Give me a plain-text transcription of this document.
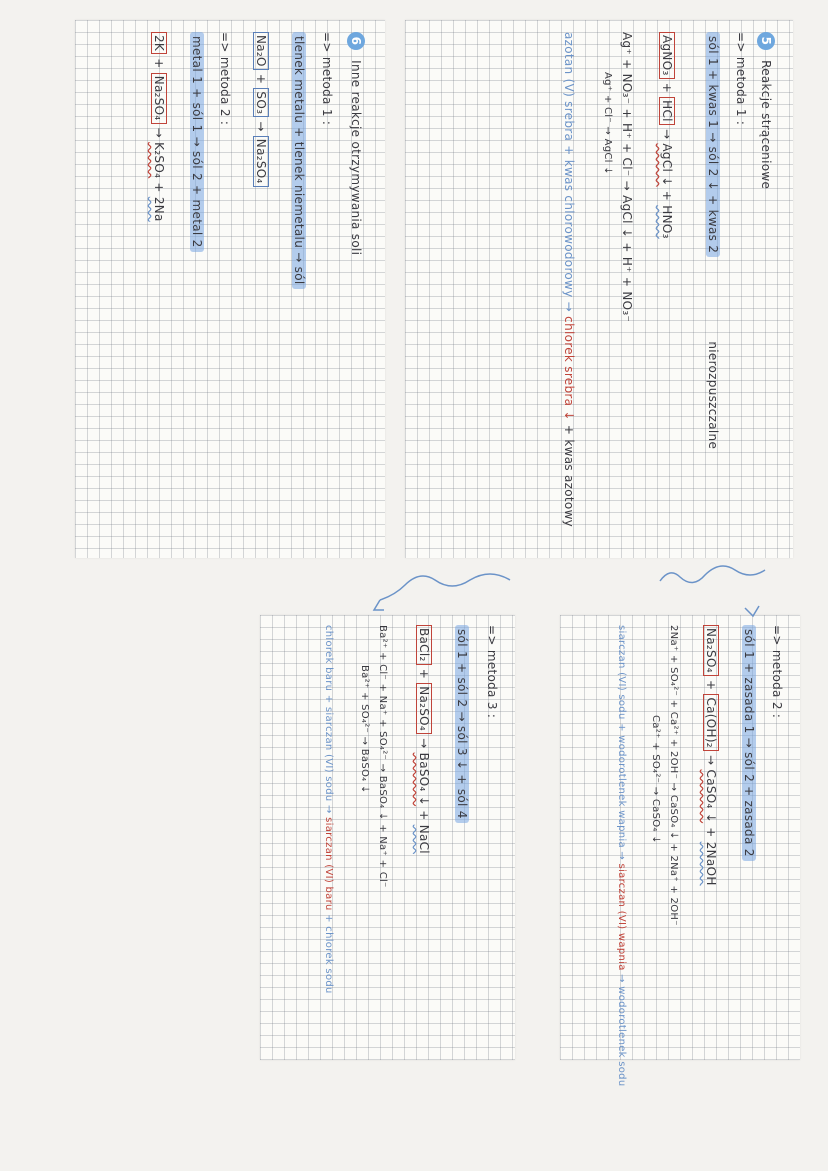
5 Reakcje strąceniowe
=> metoda 1 :
sól 1 + kwas 1 → sól 2 ↓ + kwas 2 nierozpuszczalne
AgNO₃ + HCl → AgCl ↓ + HNO₃
Ag⁺ + NO₃⁻ + H⁺ + Cl⁻ → AgCl ↓ + H⁺ + NO₃⁻
Ag⁺ + Cl⁻ → AgCl ↓
azotan (V) srebra + kwas chlorowodorowy → chlorek srebra ↓ + kwas azotowy
6 Inne reakcje otrzymywania soli
=> metoda 1 :
tlenek metalu + tlenek niemetalu → sól
Na₂O + SO₃ → Na₂SO₄
=> metoda 2 :
metal 1 + sól 1 → sól 2 + metal 2
2K + Na₂SO₄ → K₂SO₄ + 2Na
=> metoda 2 :
sól 1 + zasada 1 → sól 2 + zasada 2
Na₂SO₄ + Ca(OH)₂ → CaSO₄ ↓ + 2NaOH
2Na⁺ + SO₄²⁻ + Ca²⁺ + 2OH⁻ → CaSO₄ ↓ + 2Na⁺ + 2OH⁻
Ca²⁺ + SO₄²⁻ → CaSO₄ ↓
siarczan (VI) sodu + wodorotlenek wapnia → siarczan (VI) wapnia → wodorotlenek sodu
=> metoda 3 :
sól 1 + sól 2 → sól 3 ↓ + sól 4
BaCl₂ + Na₂SO₄ → BaSO₄ ↓ + NaCl
Ba²⁺ + Cl⁻ + Na⁺ + SO₄²⁻ → BaSO₄ ↓ + Na⁺ + Cl⁻
Ba²⁺ + SO₄²⁻ → BaSO₄ ↓
chlorek baru + siarczan (VI) sodu → siarczan (VI) baru + chlorek sodu
